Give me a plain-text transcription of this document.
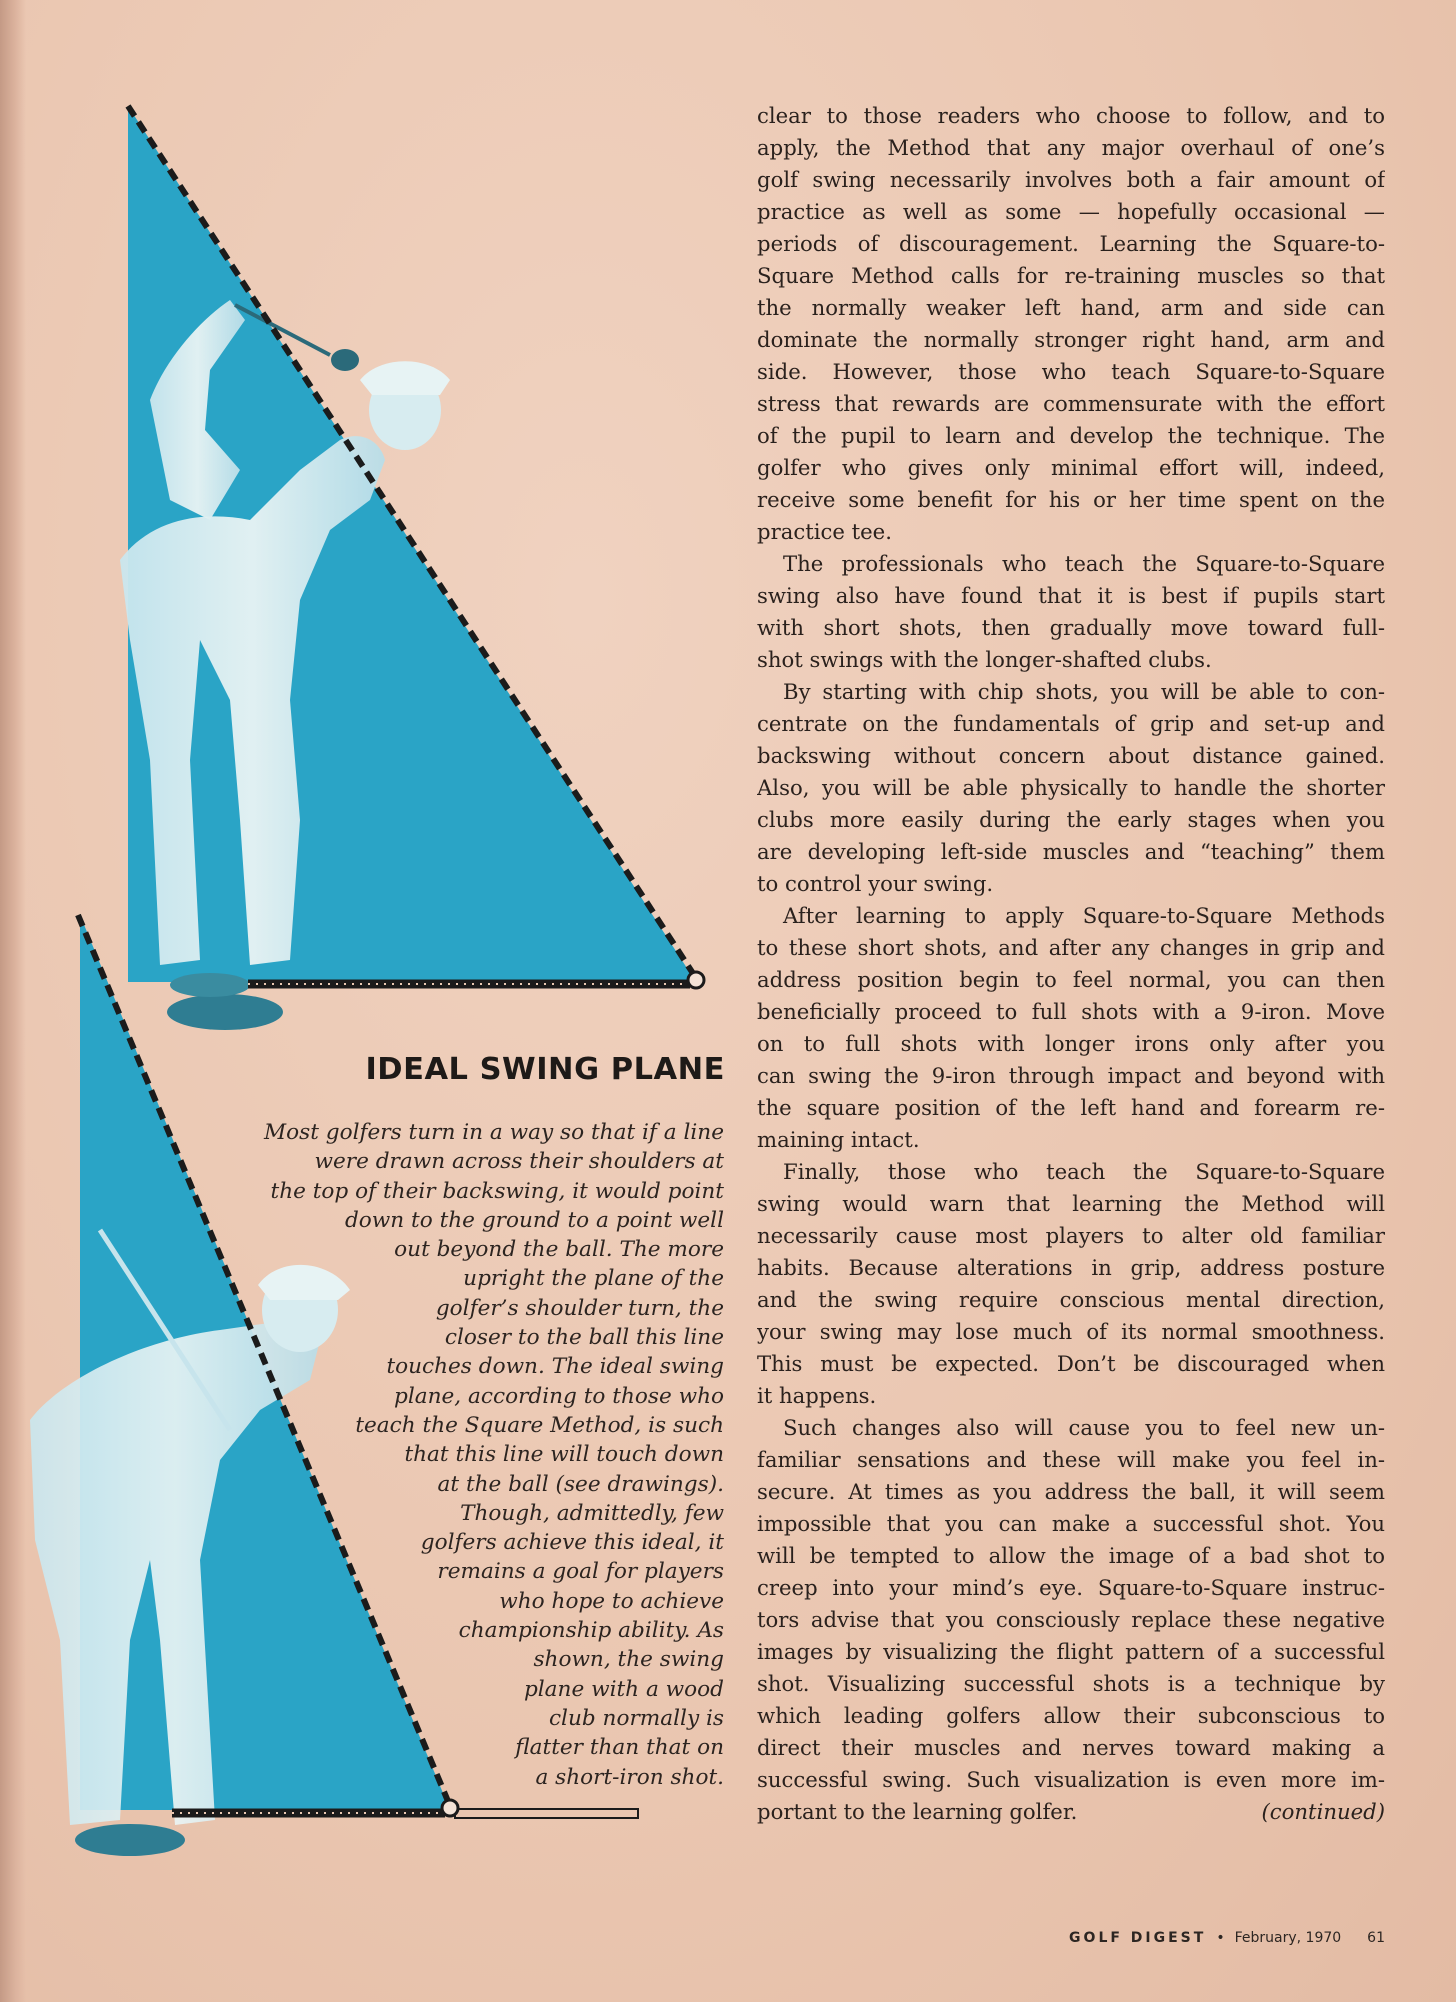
IDEAL SWING PLANE
Most golfers turn in a way so that if a line
were drawn across their shoulders at
the top of their backswing, it would point
down to the ground to a point well
out beyond the ball. The more
upright the plane of the
golfer’s shoulder turn, the
closer to the ball this line
touches down. The ideal swing
plane, according to those who
teach the Square Method, is such
that this line will touch down
at the ball (see drawings).
Though, admittedly, few
golfers achieve this ideal, it
remains a goal for players
who hope to achieve
championship ability. As
shown, the swing
plane with a wood
club normally is
flatter than that on
a short-iron shot.
clear to those readers who choose to follow, and to
apply, the Method that any major overhaul of one’s
golf swing necessarily involves both a fair amount of
practice as well as some — hopefully occasional —
periods of discouragement. Learning the Square-to-
Square Method calls for re-training muscles so that
the normally weaker left hand, arm and side can
dominate the normally stronger right hand, arm and
side. However, those who teach Square-to-Square
stress that rewards are commensurate with the effort
of the pupil to learn and develop the technique. The
golfer who gives only minimal effort will, indeed,
receive some benefit for his or her time spent on the
practice tee.
The professionals who teach the Square-to-Square
swing also have found that it is best if pupils start
with short shots, then gradually move toward full-
shot swings with the longer-shafted clubs.
By starting with chip shots, you will be able to con-
centrate on the fundamentals of grip and set-up and
backswing without concern about distance gained.
Also, you will be able physically to handle the shorter
clubs more easily during the early stages when you
are developing left-side muscles and “teaching” them
to control your swing.
After learning to apply Square-to-Square Methods
to these short shots, and after any changes in grip and
address position begin to feel normal, you can then
beneficially proceed to full shots with a 9-iron. Move
on to full shots with longer irons only after you
can swing the 9-iron through impact and beyond with
the square position of the left hand and forearm re-
maining intact.
Finally, those who teach the Square-to-Square
swing would warn that learning the Method will
necessarily cause most players to alter old familiar
habits. Because alterations in grip, address posture
and the swing require conscious mental direction,
your swing may lose much of its normal smoothness.
This must be expected. Don’t be discouraged when
it happens.
Such changes also will cause you to feel new un-
familiar sensations and these will make you feel in-
secure. At times as you address the ball, it will seem
impossible that you can make a successful shot. You
will be tempted to allow the image of a bad shot to
creep into your mind’s eye. Square-to-Square instruc-
tors advise that you consciously replace these negative
images by visualizing the flight pattern of a successful
shot. Visualizing successful shots is a technique by
which leading golfers allow their subconscious to
direct their muscles and nerves toward making a
successful swing. Such visualization is even more im-
portant to the learning golfer.	(continued)
GOLF DIGEST • February, 1970 61
